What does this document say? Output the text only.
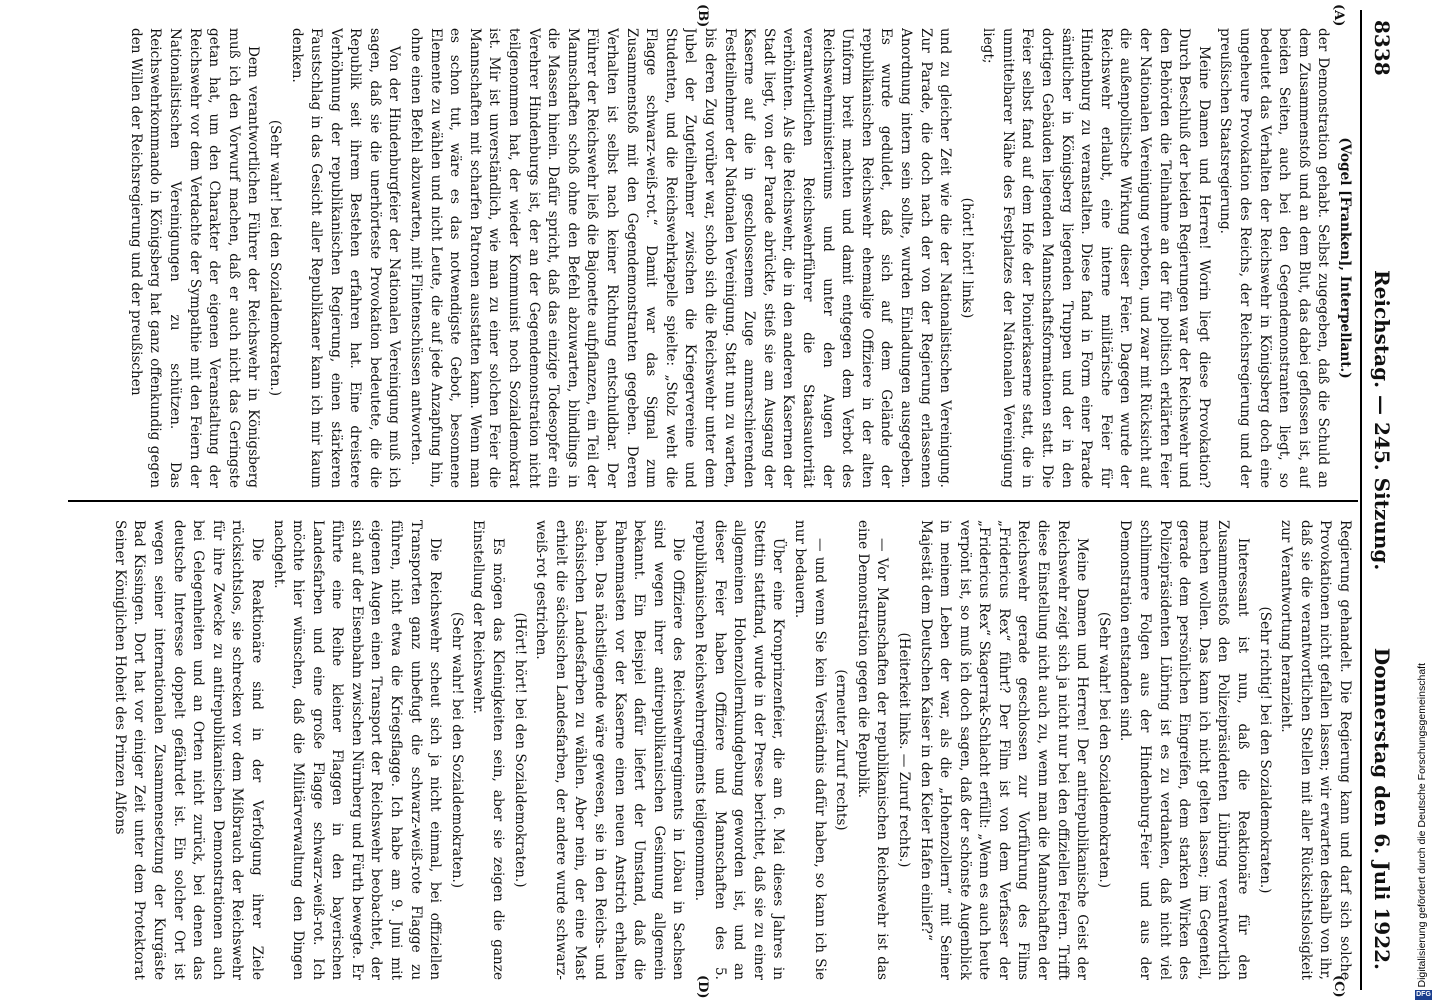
8338
Reichstag. — 245. Sitzung.
Donnerstag den 6. Juli 1922.
(A)
(B)
(C)
(D)

(Vogel [Franken], Interpellant.)

der Demonstration gehabt. Selbst zugegeben, daß die Schuld an dem Zusammenstoß und an dem Blut, das dabei geflossen ist, auf beiden Seiten, auch bei den Gegendemonstranten liegt, so bedeutet das Verhalten der Reichswehr in Königsberg doch eine ungeheure Provokation des Reichs, der Reichsregierung und der preußischen Staatsregierung.

Meine Damen und Herren! Worin liegt diese Provokation? Durch Beschluß der beiden Regierungen war der Reichswehr und den Behörden die Teilnahme an der für politisch erklärten Feier der Nationalen Vereinigung verboten, und zwar mit Rücksicht auf die außenpolitische Wirkung dieser Feier. Dagegen wurde der Reichswehr erlaubt, eine interne militärische Feier für Hindenburg zu veranstalten. Diese fand in Form einer Parade sämtlicher in Königsberg liegenden Truppen und der in den dortigen Gebäuden liegenden Mannschaftsformationen statt. Die Feier selbst fand auf dem Hofe der Pionierkaserne statt, die in unmittelbarer Nähe des Festplatzes der Nationalen Vereinigung liegt;

(hört! hört! links)

und zu gleicher Zeit wie die der Nationalistischen Vereinigung. Zur Parade, die doch nach der von der Regierung erlassenen Anordnung intern sein sollte, wurden Einladungen ausgegeben. Es wurde geduldet, daß sich auf dem Gelände der republikanischen Reichswehr ehemalige Offiziere in der alten Uniform breit machten und damit entgegen dem Verbot des Reichswehrministeriums und unter den Augen der verantwortlichen Reichswehrführer die Staatsautorität verhöhnten. Als die Reichswehr, die in den anderen Kasernen der Stadt liegt, von der Parade abrückte, stieß sie am Ausgang der Kaserne auf die in geschlossenem Zuge anmarschierenden Festteilnehmer der Nationalen Vereinigung. Statt nun zu warten, bis deren Zug vorüber war, schob sich die Reichswehr unter dem Jubel der Zugteilnehmer zwischen die Kriegervereine und Studenten, und die Reichswehrkapelle spielte: „Stolz weht die Flagge schwarz-weiß-rot.“ Damit war das Signal zum Zusammenstoß mit den Gegendemonstranten gegeben. Deren Verhalten ist selbst nach keiner Richtung entschuldbar. Der Führer der Reichswehr ließ die Bajonette aufpflanzen, ein Teil der Mannschaften schoß ohne den Befehl abzuwarten, blindlings in die Massen hinein. Dafür spricht, daß das einzige Todesopfer ein Verehrer Hindenburgs ist, der an der Gegendemonstration nicht teilgenommen hat, der wieder Kommunist noch Sozialdemokrat ist. Mir ist unverständlich, wie man zu einer solchen Feier die Mannschaften mit scharfen Patronen ausstatten kann. Wenn man es schon tut, wäre es das notwendigste Gebot, besonnene Elemente zu wählen und nicht Leute, die auf jede Anzapfung hin, ohne einen Befehl abzuwarten, mit Flintenschüssen antworten.

Von der Hindenburgfeier der Nationalen Vereinigung muß ich sagen, daß sie die unerhörteste Provokation bedeutete, die die Republik seit ihrem Bestehen erfahren hat. Eine dreistere Verhöhnung der republikanischen Regierung, einen stärkeren Faustschlag in das Gesicht aller Republikaner kann ich mir kaum denken.

(Sehr wahr! bei den Sozialdemokraten.)

Dem verantwortlichen Führer der Reichswehr in Königsberg muß ich den Vorwurf machen, daß er auch nicht das Geringste getan hat, um den Charakter der eigenen Veranstaltung der Reichswehr vor dem Verdachte der Sympathie mit den Feiern der Nationalistischen Vereinigungen zu schützen. Das Reichswehrkommando in Königsberg hat ganz offenkundig gegen den Willen der Reichsregierung und der preußischen

Regierung gehandelt. Die Regierung kann und darf sich solche Provokationen nicht gefallen lassen; wir erwarten deshalb von ihr, daß sie die verantwortlichen Stellen mit aller Rücksichtslosigkeit zur Verantwortung heranzieht.

(Sehr richtig! bei den Sozialdemokraten.)

Interessant ist nun, daß die Reaktionäre für den Zusammenstoß den Polizeipräsidenten Lübring verantwortlich machen wollen. Das kann ich nicht gelten lassen; im Gegenteil, gerade dem persönlichen Eingreifen, dem starken Wirken des Polizeipräsidenten Lübring ist es zu verdanken, daß nicht viel schlimmere Folgen aus der Hindenburg-Feier und aus der Demonstration entstanden sind.

(Sehr wahr! bei den Sozialdemokraten.)

Meine Damen und Herren! Der antirepublikanische Geist der Reichswehr zeigt sich ja nicht nur bei den offiziellen Feiern. Trifft diese Einstellung nicht auch zu, wenn man die Mannschaften der Reichswehr gerade geschlossen zur Vorführung des Films „Fridericus Rex“ führt? Der Film ist von dem Verfasser der „Fridericus Rex“ Skagerrak-Schlacht erfüllt: „Wenn es auch heute verpönt ist, so muß ich doch sagen, daß der schönste Augenblick in meinem Leben der war, als die „Hohenzollern“ mit Seiner Majestät dem Deutschen Kaiser in den Kieler Hafen einlief?“

(Heiterkeit links. — Zuruf rechts.)

— Vor Mannschaften der republikanischen Reichswehr ist das eine Demonstration gegen die Republik.

(erneuter Zuruf rechts)

— und wenn Sie kein Verständnis dafür haben, so kann ich Sie nur bedauern.

Über eine Kronprinzenfeier, die am 6. Mai dieses Jahres in Stettin stattfand, wurde in der Presse berichtet, daß sie zu einer allgemeinen Hohenzollernkundgebung geworden ist, und an dieser Feier haben Offiziere und Mannschaften des 5. republikanischen Reichswehrregiments teilgenommen.

Die Offiziere des Reichswehrregiments in Löbau in Sachsen sind wegen ihrer antirepublikanischen Gesinnung allgemein bekannt. Ein Beispiel dafür liefert der Umstand, daß die Fahnenmasten vor der Kaserne einen neuen Anstrich erhalten haben. Das nächstliegende wäre gewesen, sie in den Reichs- und sächsischen Landesfarben zu wählen. Aber nein, der eine Mast erhielt die sächsischen Landesfarben, der andere wurde schwarz-weiß-rot gestrichen.

(Hört! hört! bei den Sozialdemokraten.)

Es mögen das Kleinigkeiten sein, aber sie zeigen die ganze Einstellung der Reichswehr.

(Sehr wahr! bei den Sozialdemokraten.)

Die Reichswehr scheut sich ja nicht einmal, bei offiziellen Transporten ganz unbefugt die schwarz-weiß-rote Flagge zu führen, nicht etwa die Kriegsflagge. Ich habe am 9. Juni mit eigenen Augen einen Transport der Reichswehr beobachtet, der sich auf der Eisenbahn zwischen Nürnberg und Fürth bewegte. Er führte eine Reihe kleiner Flaggen in den bayerischen Landesfarben und eine große Flagge schwarz-weiß-rot. Ich möchte hier wünschen, daß die Militärverwaltung den Dingen nachgeht.

Die Reaktionäre sind in der Verfolgung ihrer Ziele rücksichtslos, sie schrecken vor dem Mißbrauch der Reichswehr für ihre Zwecke zu antirepublikanischen Demonstrationen auch bei Gelegenheiten und an Orten nicht zurück, bei denen das deutsche Interesse doppelt gefährdet ist. Ein solcher Ort ist wegen seiner internationalen Zusammensetzung der Kurgäste Bad Kissingen. Dort hat vor einiger Zeit unter dem Protektorat Seiner Königlichen Hoheit des Prinzen Alfons	Digitalisierung gefördert durch die Deutsche Forschungsgemeinschaft
DFG
